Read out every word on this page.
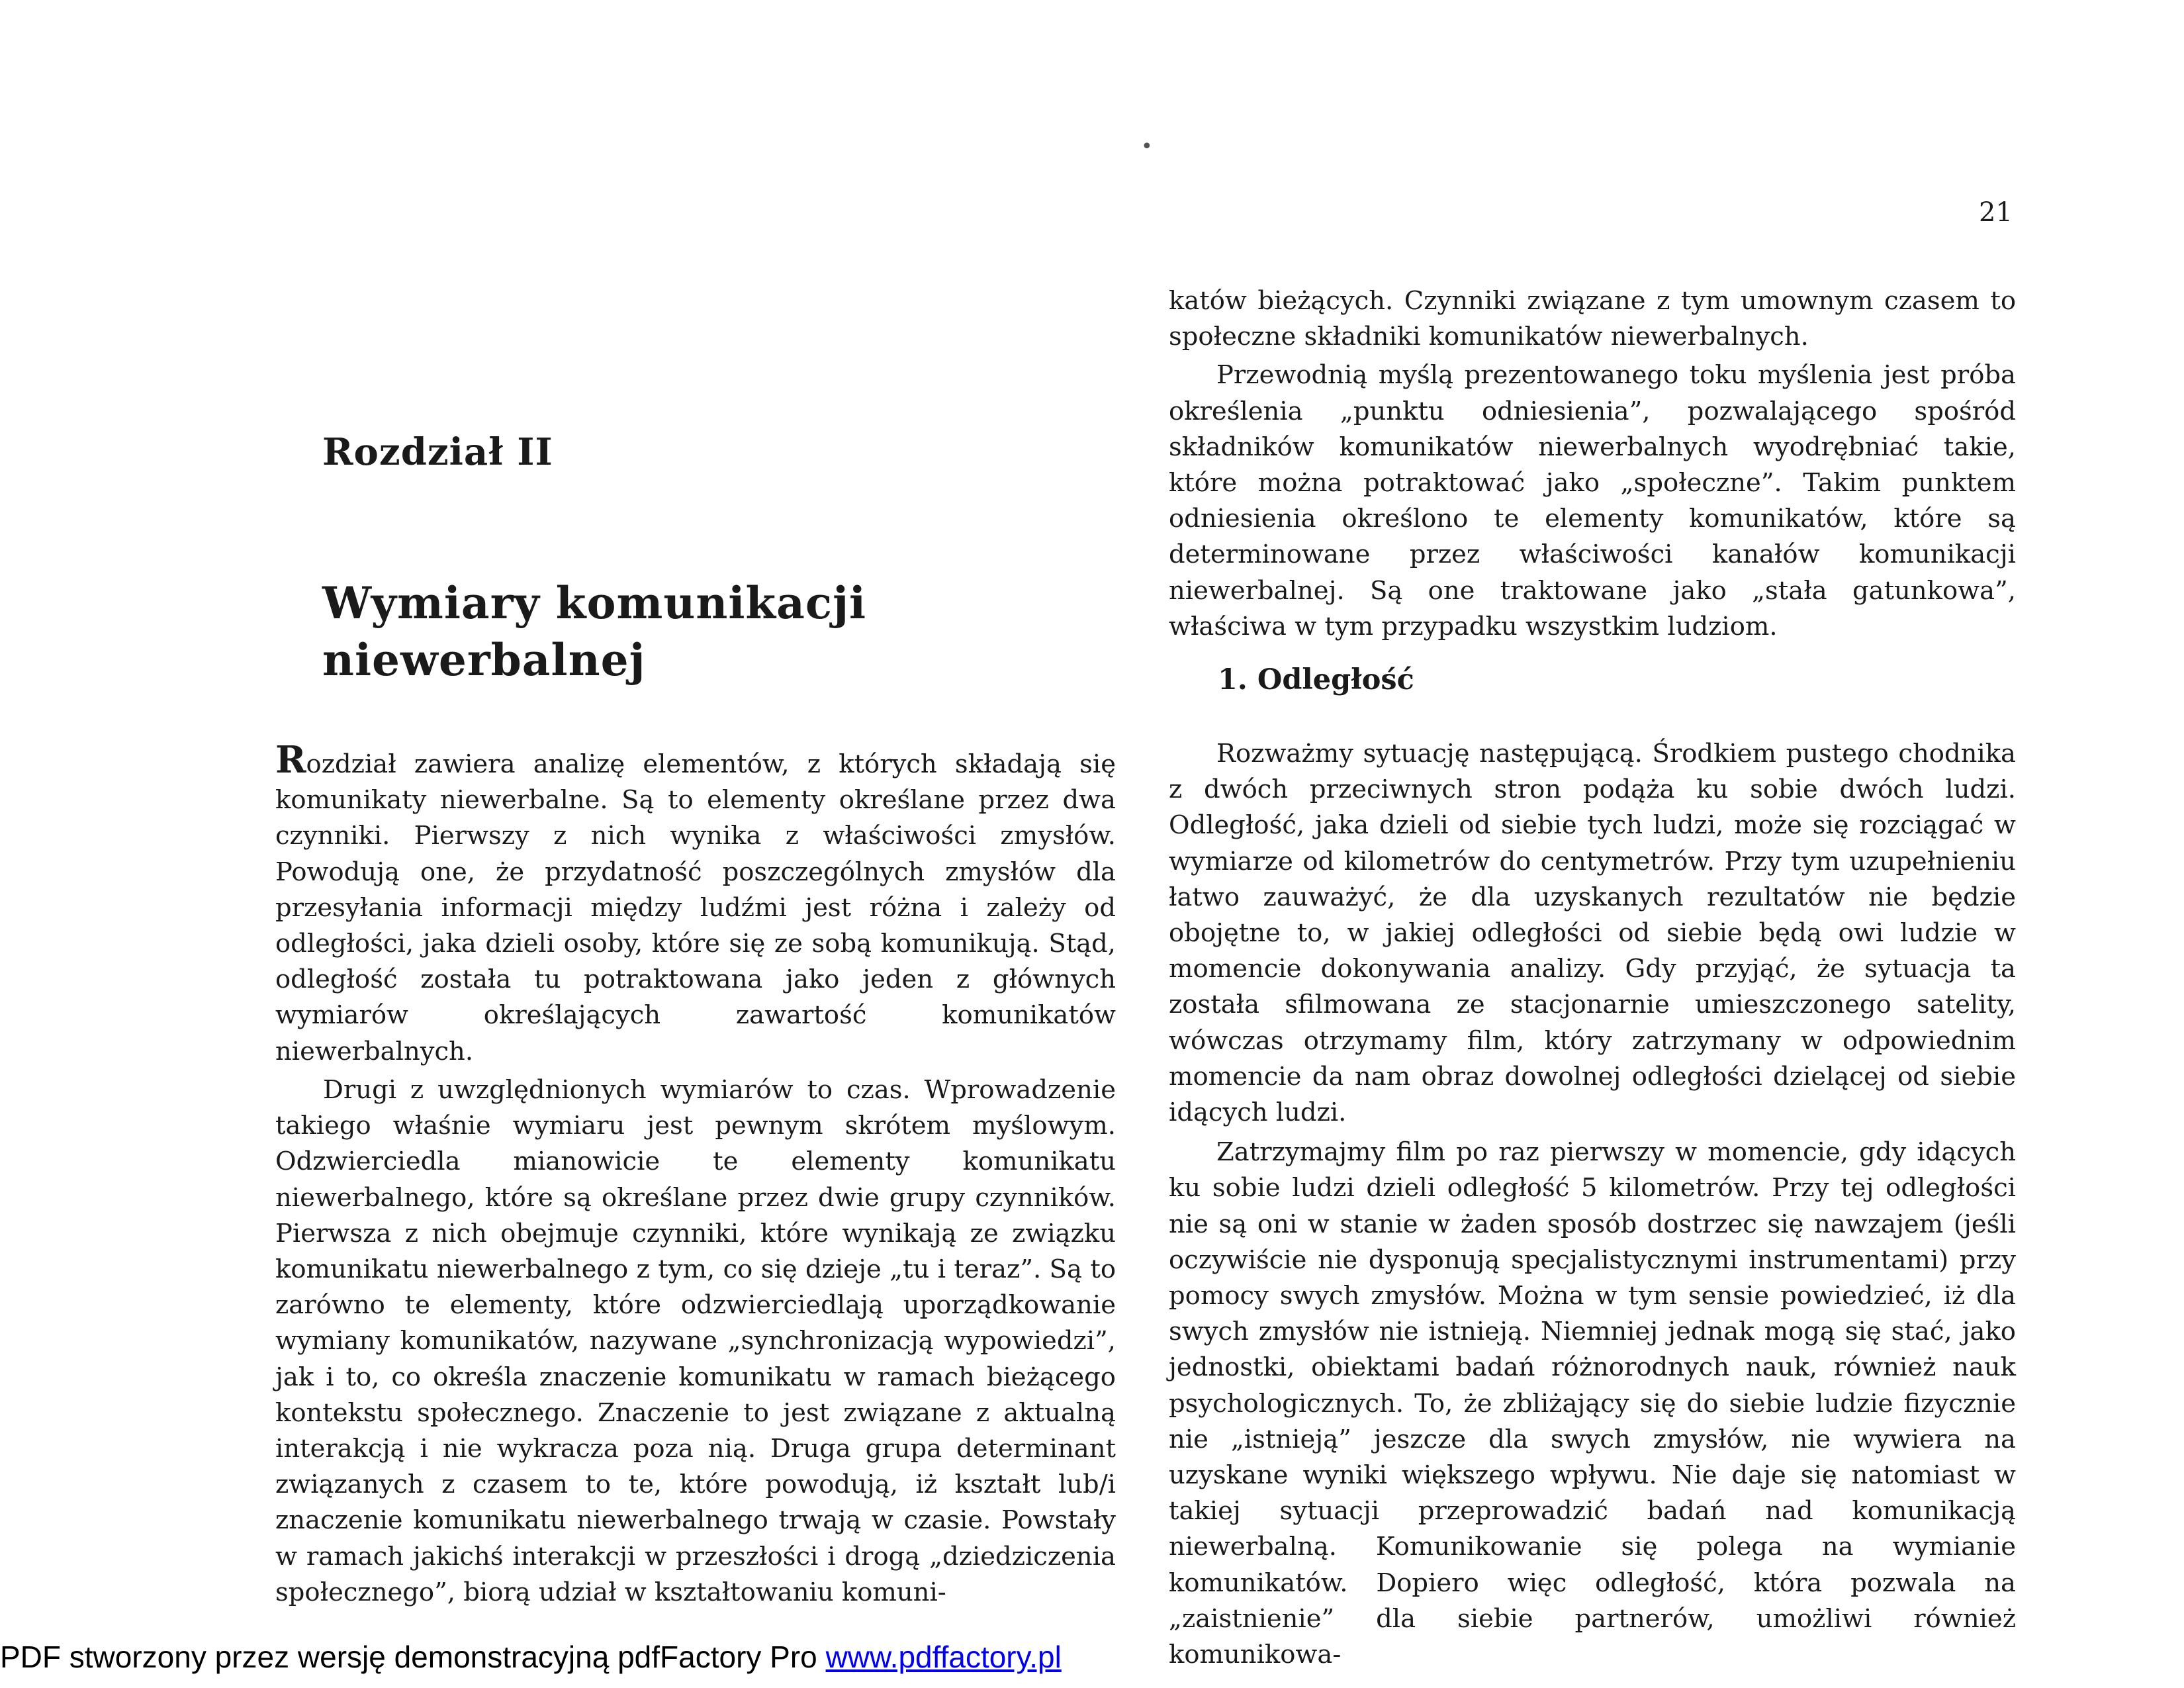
•
21
Rozdział II
Wymiary komunikacji
niewerbalnej

Rozdział zawiera analizę elementów, z których składają się komunikaty niewerbalne. Są to elementy określane przez dwa czynniki. Pierwszy z nich wynika z właściwości zmysłów. Powodują one, że przydatność poszczególnych zmysłów dla przesyłania informacji między ludźmi jest różna i zależy od odległości, jaka dzieli osoby, które się ze sobą komunikują. Stąd, odległość została tu potraktowana jako jeden z głównych wymiarów określających zawartość komunikatów niewerbalnych.

Drugi z uwzględnionych wymiarów to czas. Wprowadzenie takiego właśnie wymiaru jest pewnym skrótem myślowym. Odzwierciedla mianowicie te elementy komunikatu niewerbalnego, które są określane przez dwie grupy czynników. Pierwsza z nich obejmuje czynniki, które wynikają ze związku komunikatu niewerbalnego z tym, co się dzieje „tu i teraz”. Są to zarówno te elementy, które odzwierciedlają uporządkowanie wymiany komunikatów, nazywane „synchronizacją wypowiedzi”, jak i to, co określa znaczenie komunikatu w ramach bieżącego kontekstu społecznego. Znaczenie to jest związane z aktualną interakcją i nie wykracza poza nią. Druga grupa determinant związanych z czasem to te, które powodują, iż kształt lub/i znaczenie komunikatu niewerbalnego trwają w czasie. Powstały w ramach jakichś interakcji w przeszłości i drogą „dziedziczenia społecznego”, biorą udział w kształtowaniu komuni-

katów bieżących. Czynniki związane z tym umownym czasem to społeczne składniki komunikatów niewerbalnych.

Przewodnią myślą prezentowanego toku myślenia jest próba określenia „punktu odniesienia”, pozwalającego spośród składników komunikatów niewerbalnych wyodrębniać takie, które można potraktować jako „społeczne”. Takim punktem odniesienia określono te elementy komunikatów, które są determinowane przez właściwości kanałów komunikacji niewerbalnej. Są one traktowane jako „stała gatunkowa”, właściwa w tym przypadku wszystkim ludziom.

1. Odległość

Rozważmy sytuację następującą. Środkiem pustego chodnika z dwóch przeciwnych stron podąża ku sobie dwóch ludzi. Odległość, jaka dzieli od siebie tych ludzi, może się rozciągać w wymiarze od kilometrów do centymetrów. Przy tym uzupełnieniu łatwo zauważyć, że dla uzyskanych rezultatów nie będzie obojętne to, w jakiej odległości od siebie będą owi ludzie w momencie dokonywania analizy. Gdy przyjąć, że sytuacja ta została sfilmowana ze stacjonarnie umieszczonego satelity, wówczas otrzymamy film, który zatrzymany w odpowiednim momencie da nam obraz dowolnej odległości dzielącej od siebie idących ludzi.

Zatrzymajmy film po raz pierwszy w momencie, gdy idących ku sobie ludzi dzieli odległość 5 kilometrów. Przy tej odległości nie są oni w stanie w żaden sposób dostrzec się nawzajem (jeśli oczywiście nie dysponują specjalistycznymi instrumentami) przy pomocy swych zmysłów. Można w tym sensie powiedzieć, iż dla swych zmysłów nie istnieją. Niemniej jednak mogą się stać, jako jednostki, obiektami badań różnorodnych nauk, również nauk psychologicznych. To, że zbliżający się do siebie ludzie fizycznie nie „istnieją” jeszcze dla swych zmysłów, nie wywiera na uzyskane wyniki większego wpływu. Nie daje się natomiast w takiej sytuacji przeprowadzić badań nad komunikacją niewerbalną. Komunikowanie się polega na wymianie komunikatów. Dopiero więc odległość, która pozwala na „zaistnienie” dla siebie partnerów, umożliwi również komunikowa-

PDF stworzony przez wersję demonstracyjną pdfFactory Pro www.pdffactory.pl
